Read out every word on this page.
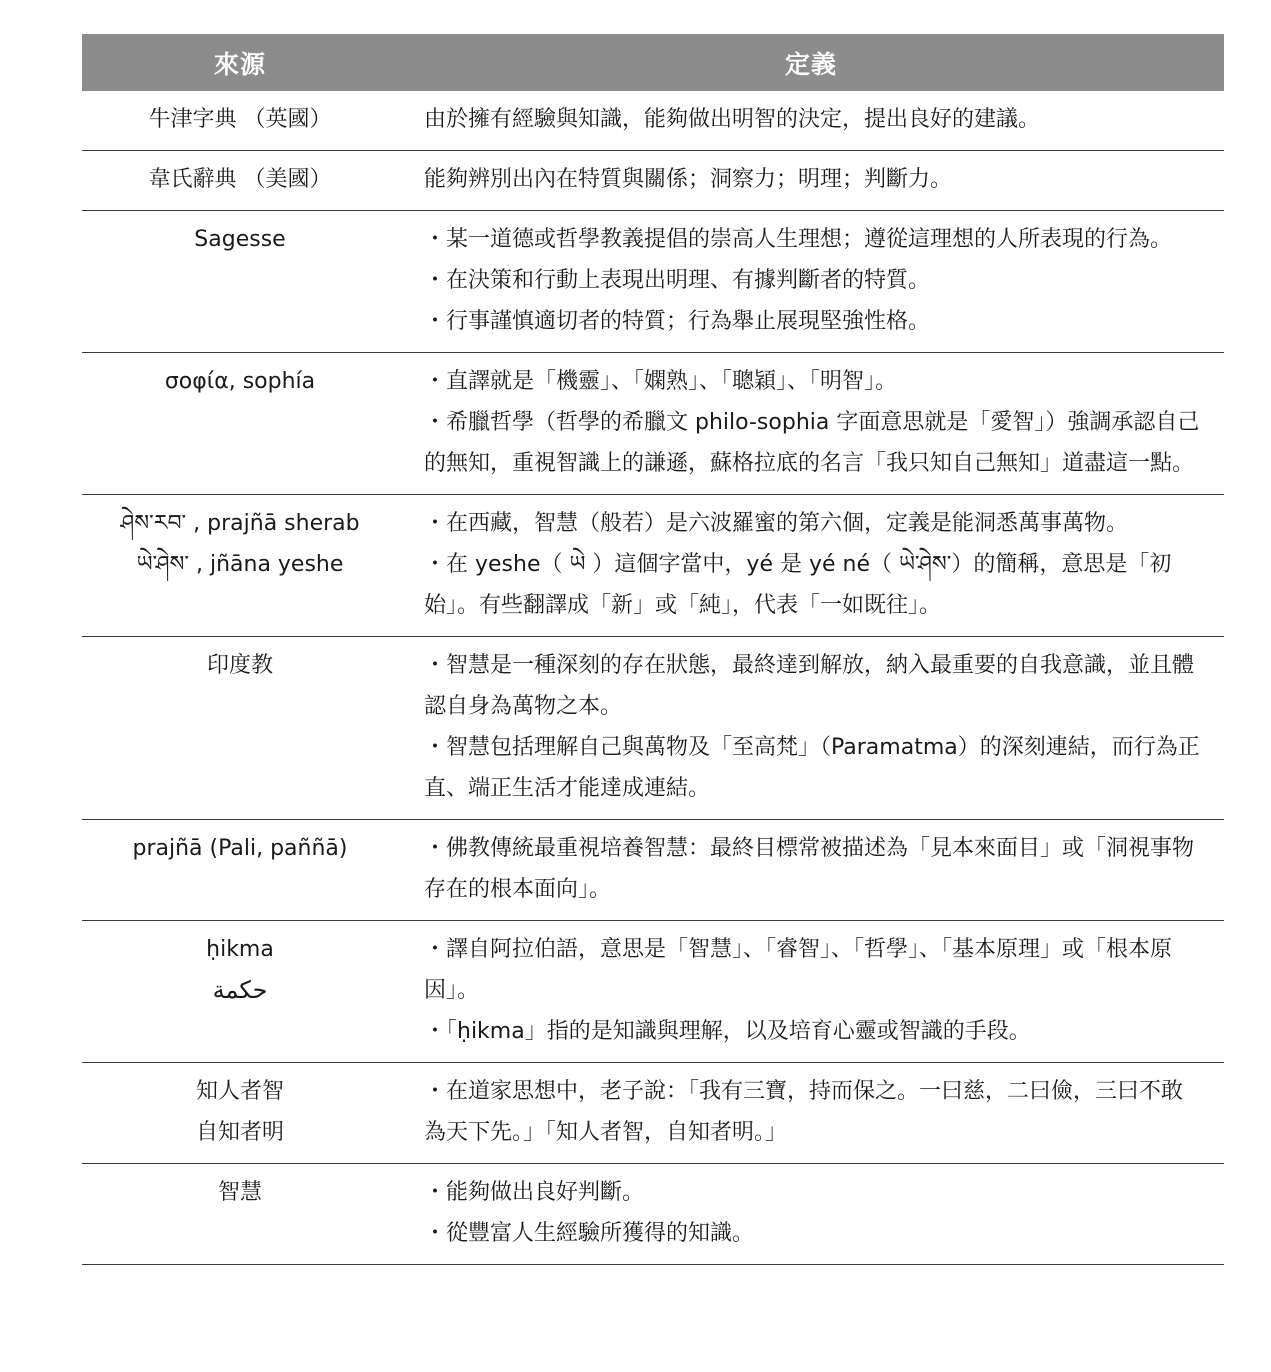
來源	定義

牛津字典 （英國）	由於擁有經驗與知識，能夠做出明智的決定，提出良好的建議。

韋氏辭典 （美國）	能夠辨別出內在特質與關係；洞察力；明理；判斷力。

Sagesse	・某一道德或哲學教義提倡的崇高人生理想；遵從這理想的人所表現的行為。
・在決策和行動上表現出明理、有據判斷者的特質。
・行事謹慎適切者的特質；行為舉止展現堅強性格。

σοφία, sophía	・直譯就是「機靈」、「嫻熟」、「聰穎」、「明智」。
・希臘哲學（哲學的希臘文 philo-sophia 字面意思就是「愛智」）強調承認自己的無知，重視智識上的謙遜，蘇格拉底的名言「我只知自己無知」道盡這一點。

ཤེས་རབ་ , prajñā sherab
ཡེ་ཤེས་ , jñāna yeshe	・在西藏，智慧（般若）是六波羅蜜的第六個，定義是能洞悉萬事萬物。
・在 yeshe（ ཡེ ）這個字當中，yé 是 yé né（ ཡེ་ཤེས་）的簡稱，意思是「初始」。有些翻譯成「新」或「純」，代表「一如既往」。

印度教	・智慧是一種深刻的存在狀態，最終達到解放，納入最重要的自我意識，並且體認自身為萬物之本。
・智慧包括理解自己與萬物及「至高梵」（Paramatma）的深刻連結，而行為正直、端正生活才能達成連結。

prajñā (Pali, paññā)	・佛教傳統最重視培養智慧：最終目標常被描述為「見本來面目」或「洞視事物存在的根本面向」。

ḥikma
حكمة	・譯自阿拉伯語，意思是「智慧」、「睿智」、「哲學」、「基本原理」或「根本原因」。
・「ḥikma」指的是知識與理解，以及培育心靈或智識的手段。

知人者智
自知者明	・在道家思想中，老子說：「我有三寶，持而保之。一曰慈，二曰儉，三曰不敢為天下先。」「知人者智，自知者明。」

智慧	・能夠做出良好判斷。
・從豐富人生經驗所獲得的知識。
